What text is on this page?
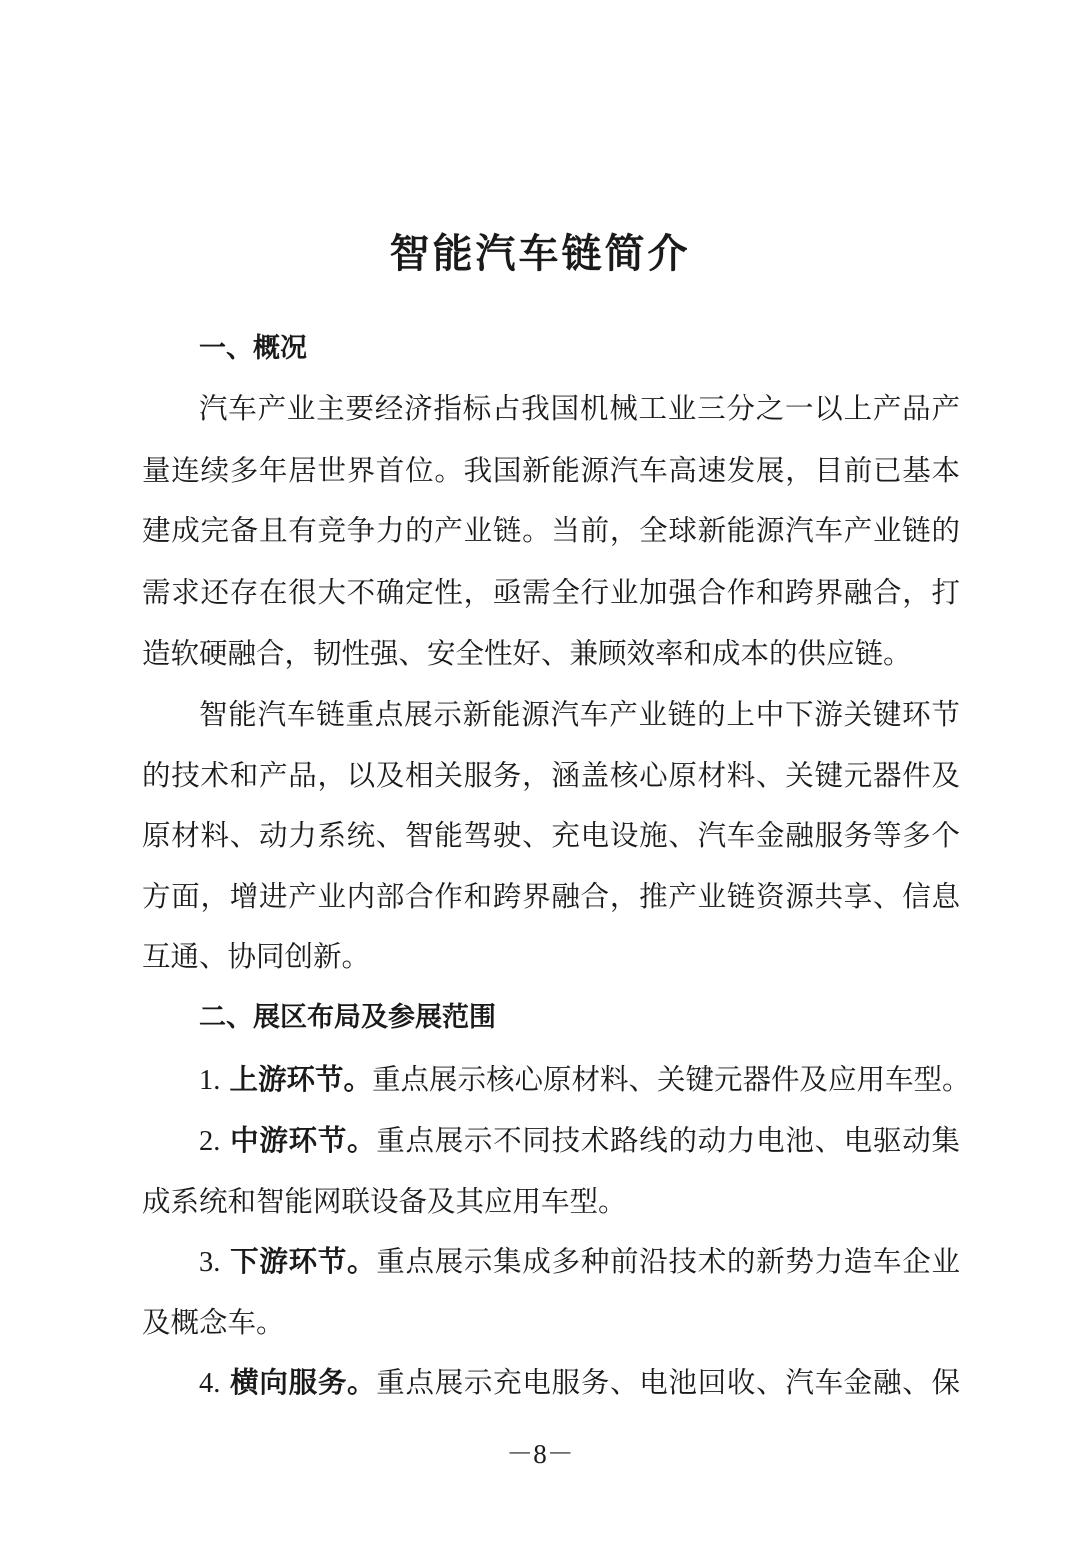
智能汽车链简介
一、概况

汽车产业主要经济指标占我国机械工业三分之一以上产品产

量连续多年居世界首位。我国新能源汽车高速发展，目前已基本

建成完备且有竞争力的产业链。当前，全球新能源汽车产业链的

需求还存在很大不确定性，亟需全行业加强合作和跨界融合，打

造软硬融合，韧性强、安全性好、兼顾效率和成本的供应链。

智能汽车链重点展示新能源汽车产业链的上中下游关键环节

的技术和产品，以及相关服务，涵盖核心原材料、关键元器件及

原材料、动力系统、智能驾驶、充电设施、汽车金融服务等多个

方面，增进产业内部合作和跨界融合，推产业链资源共享、信息

互通、协同创新。

二、展区布局及参展范围

1. 上游环节。重点展示核心原材料、关键元器件及应用车型。

2. 中游环节。重点展示不同技术路线的动力电池、电驱动集

成系统和智能网联设备及其应用车型。

3. 下游环节。重点展示集成多种前沿技术的新势力造车企业

及概念车。

4. 横向服务。重点展示充电服务、电池回收、汽车金融、保

－8－
